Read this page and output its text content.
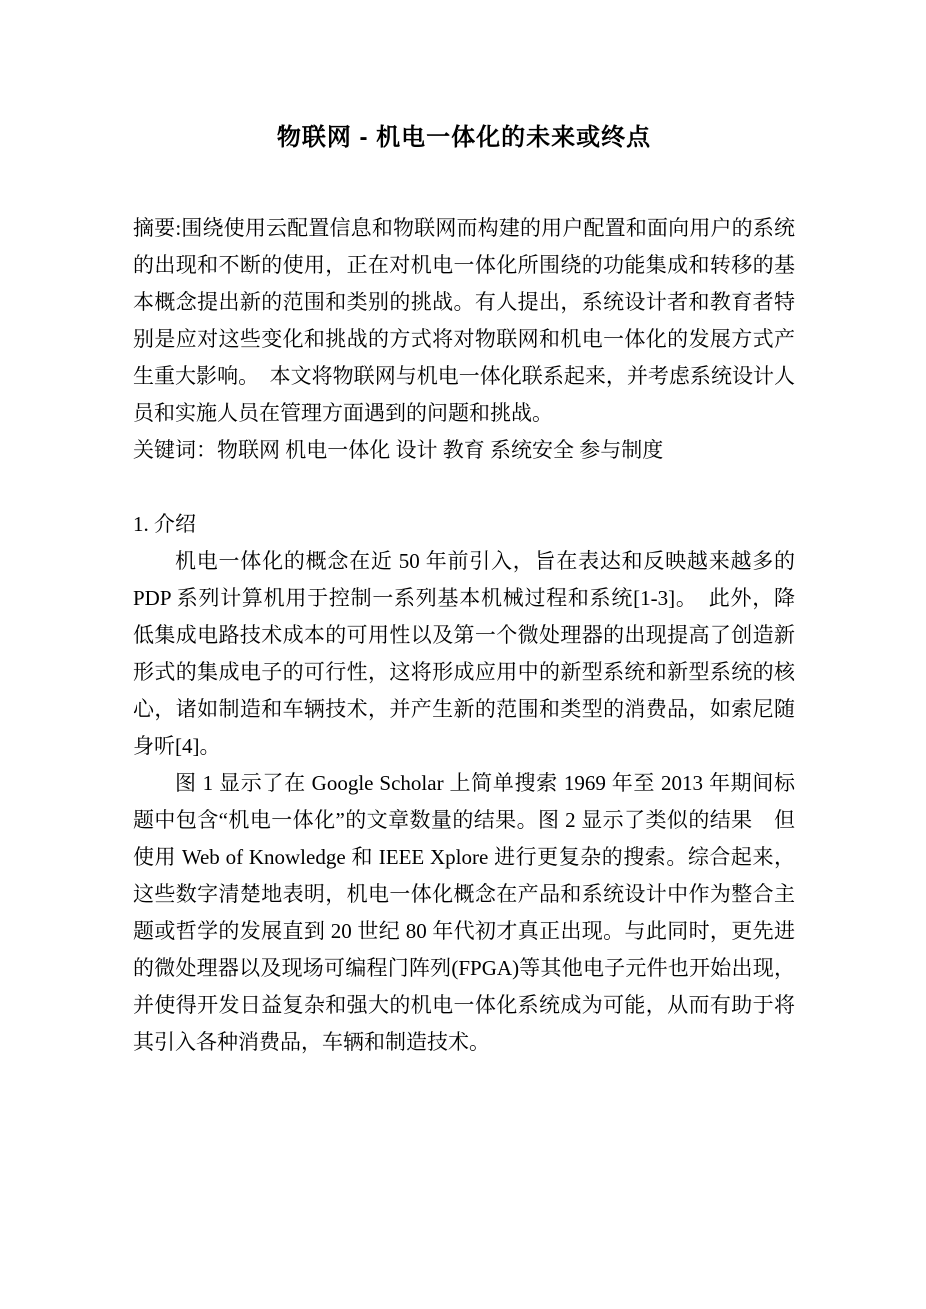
物联网 - 机电一体化的未来或终点

摘要:围绕使用云配置信息和物联网而构建的用户配置和面向用户的系统的出现和不断的使用，正在对机电一体化所围绕的功能集成和转移的基本概念提出新的范围和类别的挑战。有人提出，系统设计者和教育者特别是应对这些变化和挑战的方式将对物联网和机电一体化的发展方式产生重大影响。　本文将物联网与机电一体化联系起来，并考虑系统设计人员和实施人员在管理方面遇到的问题和挑战。

关键词：物联网 机电一体化 设计 教育 系统安全 参与制度

1. 介绍

机电一体化的概念在近 50 年前引入，旨在表达和反映越来越多的 PDP 系列计算机用于控制一系列基本机械过程和系统[1-3]。　此外，降低集成电路技术成本的可用性以及第一个微处理器的出现提高了创造新形式的集成电子的可行性，这将形成应用中的新型系统和新型系统的核心，诸如制造和车辆技术，并产生新的范围和类型的消费品，如索尼随身听[4]。

图 1 显示了在 Google Scholar 上简单搜索 1969 年至 2013 年期间标题中包含“机电一体化”的文章数量的结果。图 2 显示了类似的结果　但使用 Web of Knowledge 和 IEEE Xplore 进行更复杂的搜索。综合起来，这些数字清楚地表明，机电一体化概念在产品和系统设计中作为整合主题或哲学的发展直到 20 世纪 80 年代初才真正出现。与此同时，更先进的微处理器以及现场可编程门阵列(FPGA)等其他电子元件也开始出现，并使得开发日益复杂和强大的机电一体化系统成为可能，从而有助于将其引入各种消费品，车辆和制造技术。
